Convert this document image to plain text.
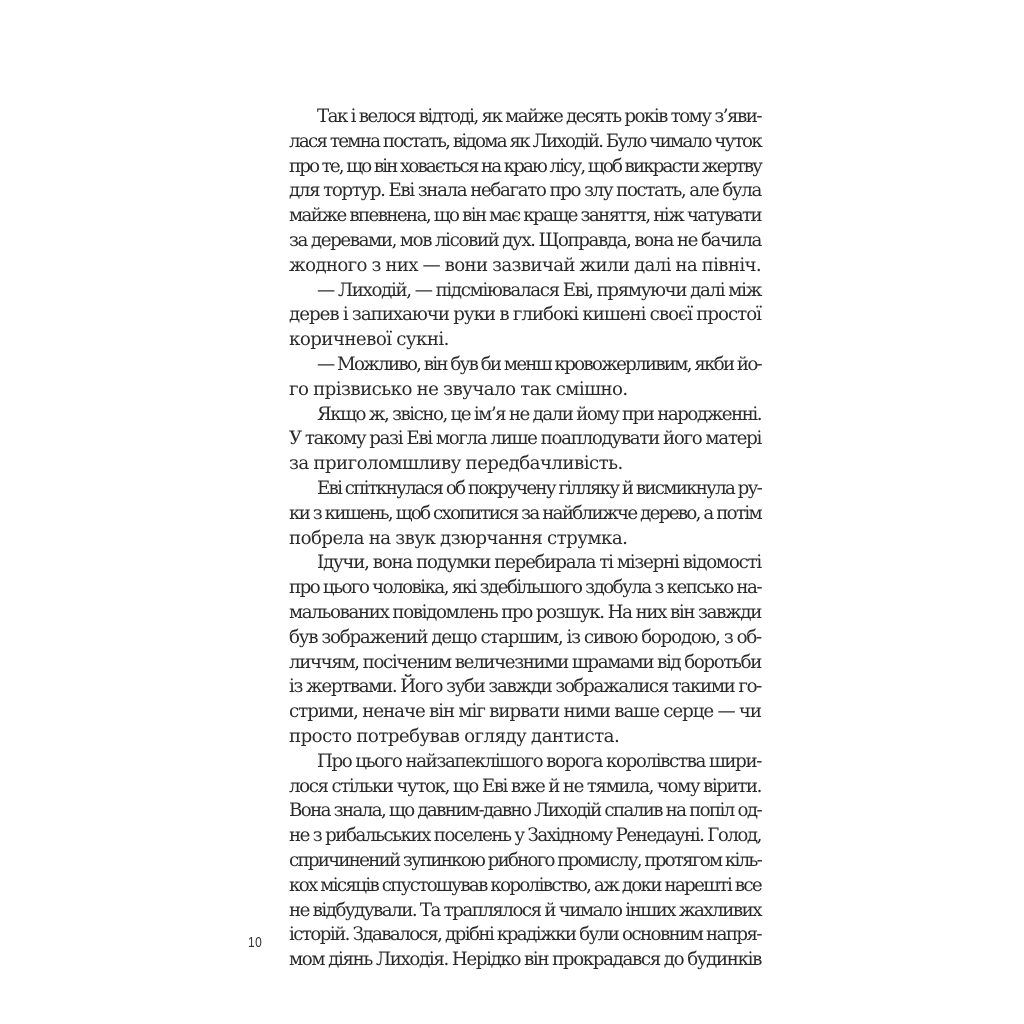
Так і велося відтоді, як майже десять років тому з’яви-
лася темна постать, відома як Лиходій. Було чимало чуток
про те, що він ховається на краю лісу, щоб викрасти жертву
для тортур. Еві знала небагато про злу постать, але була
майже впевнена, що він має краще заняття, ніж чатувати
за деревами, мов лісовий дух. Щоправда, вона не бачила
жодного з них — вони зазвичай жили далі на північ.
— Лиходій, — підсміювалася Еві, прямуючи далі між
дерев і запихаючи руки в глибокі кишені своєї простої
коричневої сукні.
— Можливо, він був би менш кровожерливим, якби йо-
го прізвисько не звучало так смішно.
Якщо ж, звісно, це ім’я не дали йому при народженні.
У такому разі Еві могла лише поаплодувати його матері
за приголомшливу передбачливість.
Еві спіткнулася об покручену гілляку й висмикнула ру-
ки з кишень, щоб схопитися за найближче дерево, а потім
побрела на звук дзюрчання струмка.
Ідучи, вона подумки перебирала ті мізерні відомості
про цього чоловіка, які здебільшого здобула з кепсько на-
мальованих повідомлень про розшук. На них він завжди
був зображений дещо старшим, із сивою бородою, з об-
личчям, посіченим величезними шрамами від боротьби
із жертвами. Його зуби завжди зображалися такими го-
стрими, неначе він міг вирвати ними ваше серце — чи
просто потребував огляду дантиста.
Про цього найзапеклішого ворога королівства шири-
лося стільки чуток, що Еві вже й не тямила, чому вірити.
Вона знала, що давним-давно Лиходій спалив на попіл од-
не з рибальських поселень у Західному Ренедауні. Голод,
спричинений зупинкою рибного промислу, протягом кіль-
кох місяців спустошував королівство, аж доки нарешті все
не відбудували. Та траплялося й чимало інших жахливих
історій. Здавалося, дрібні крадіжки були основним напря-
мом діянь Лиходія. Нерідко він прокрадався до будинків
10
